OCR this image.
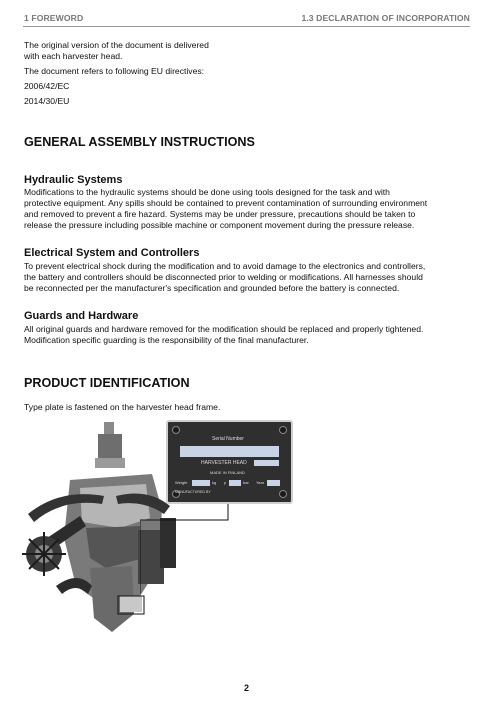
1 FOREWORD	1.3 DECLARATION OF INCORPORATION

The original version of the document is delivered

with each harvester head.

The document refers to following EU directives:

2006/42/EC

2014/30/EU

GENERAL ASSEMBLY INSTRUCTIONS
Hydraulic Systems

Modifications to the hydraulic systems should be done using tools designed for the task and with

protective equipment. Any spills should be contained to prevent contamination of surrounding environment

and removed to prevent a fire hazard. Systems may be under pressure, precautions should be taken to

release the pressure including possible machine or component movement during the pressure release.

Electrical System and Controllers

To prevent electrical shock during the modification and to avoid damage to the electronics and controllers,

the battery and controllers should be disconnected prior to welding or modifications. All harnesses should

be reconnected per the manufacturer's specification and grounded before the battery is connected.

Guards and Hardware

All original guards and hardware removed for the modification should be replaced and properly tightened.

Modification specific guarding is the responsibility of the final manufacturer.

PRODUCT IDENTIFICATION

Type plate is fastened on the harvester head frame.

Serial Number
HARVESTER HEAD
MADE IN FINLAND
Weight	kg p	bar Year
MANUFACTURED BY
2
